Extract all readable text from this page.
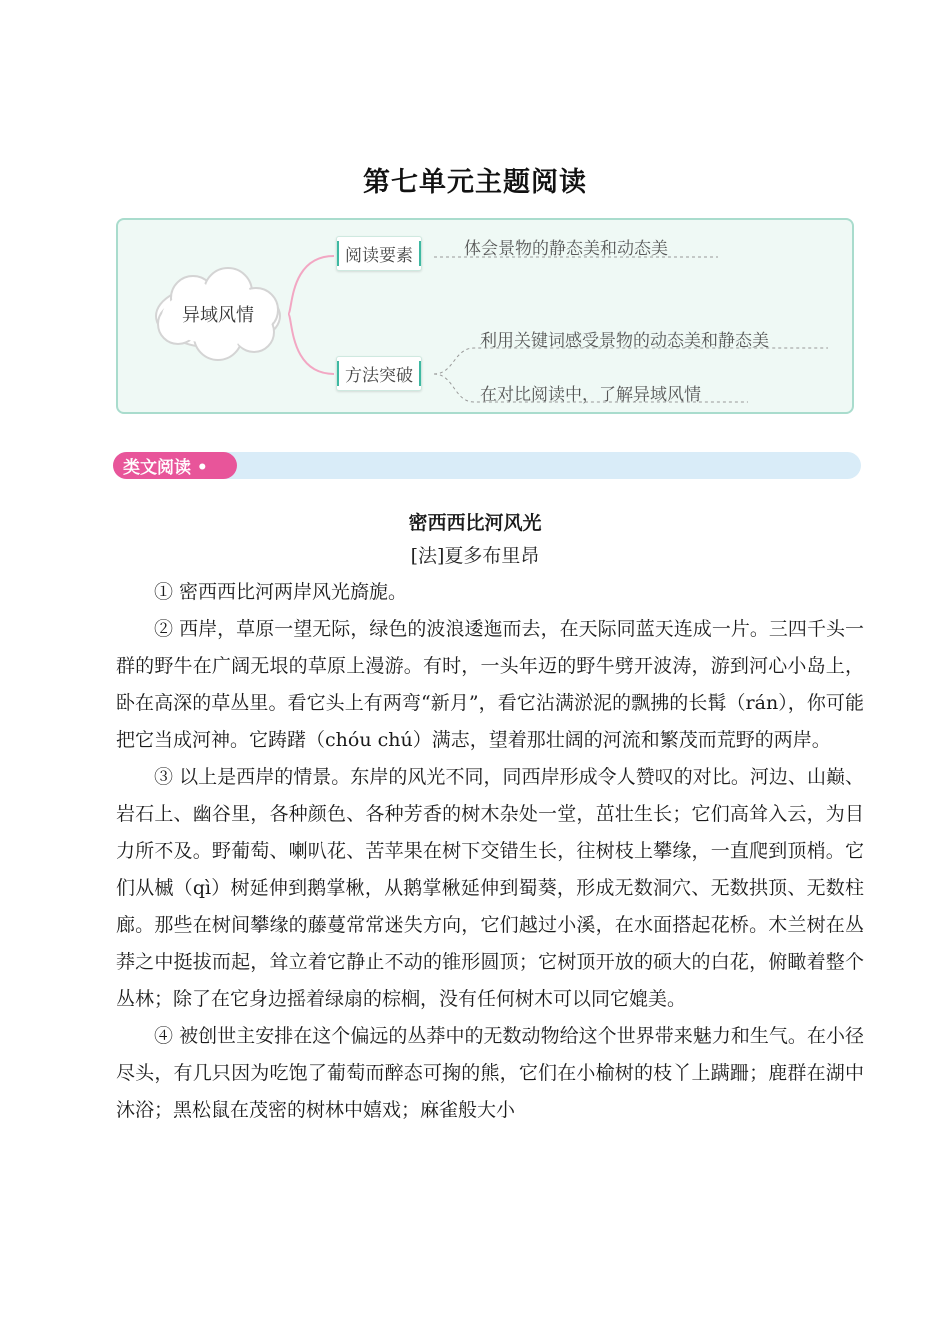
第七单元主题阅读
异域风情
阅读要素
方法突破
体会景物的静态美和动态美
利用关键词感受景物的动态美和静态美
在对比阅读中，了解异域风情
类文阅读 •
密西西比河风光
[法]夏多布里昂

① 密西西比河两岸风光旖旎。

② 西岸，草原一望无际，绿色的波浪逶迤而去，在天际同蓝天连成一片。三四千头一群的野牛在广阔无垠的草原上漫游。有时，一头年迈的野牛劈开波涛，游到河心小岛上，卧在高深的草丛里。看它头上有两弯“新月”，看它沾满淤泥的飘拂的长髯（rán），你可能把它当成河神。它踌躇（chóu chú）满志，望着那壮阔的河流和繁茂而荒野的两岸。

③ 以上是西岸的情景。东岸的风光不同，同西岸形成令人赞叹的对比。河边、山巅、岩石上、幽谷里，各种颜色、各种芳香的树木杂处一堂，茁壮生长；它们高耸入云，为目力所不及。野葡萄、喇叭花、苦苹果在树下交错生长，往树枝上攀缘，一直爬到顶梢。它们从槭（qì）树延伸到鹅掌楸，从鹅掌楸延伸到蜀葵，形成无数洞穴、无数拱顶、无数柱廊。那些在树间攀缘的藤蔓常常迷失方向，它们越过小溪，在水面搭起花桥。木兰树在丛莽之中挺拔而起，耸立着它静止不动的锥形圆顶；它树顶开放的硕大的白花，俯瞰着整个丛林；除了在它身边摇着绿扇的棕榈，没有任何树木可以同它媲美。

④ 被创世主安排在这个偏远的丛莽中的无数动物给这个世界带来魅力和生气。在小径尽头，有几只因为吃饱了葡萄而醉态可掬的熊，它们在小榆树的枝丫上蹒跚；鹿群在湖中沐浴；黑松鼠在茂密的树林中嬉戏；麻雀般大小
